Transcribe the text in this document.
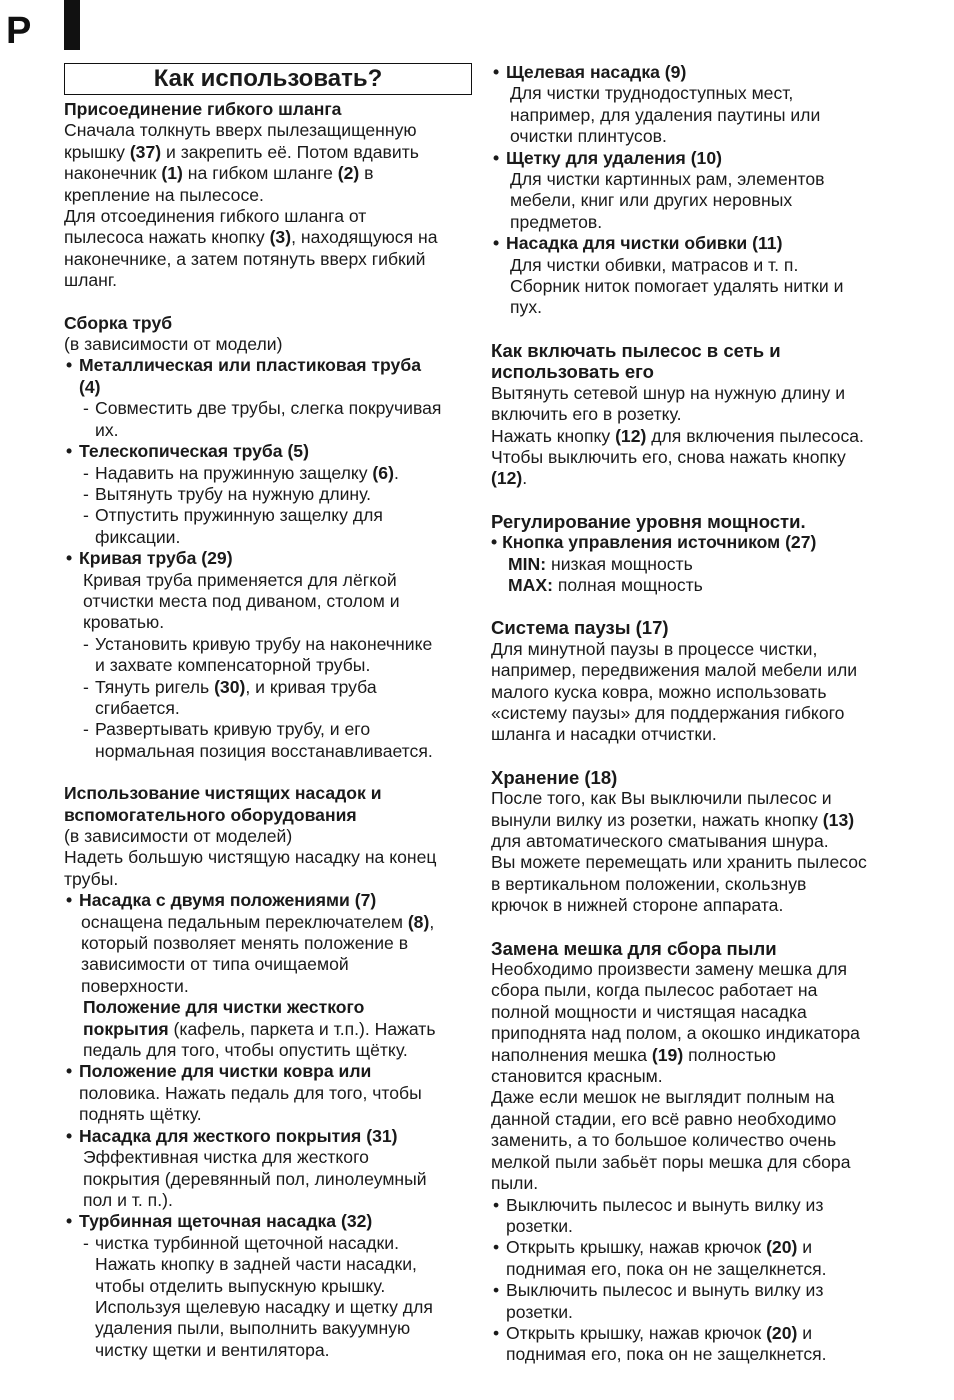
P
Как использовать?
Присоединение гибкого шланга
Сначала толкнуть вверх пылезащищенную
крышку (37) и закрепить её. Потом вдавить
наконечник (1) на гибком шланге (2) в
крепление на пылесосе.
Для отсоединения гибкого шланга от
пылесоса нажать кнопку (3), находящуюся на
наконечнике, а затем потянуть вверх гибкий
шланг.
Сборка труб
(в зависимости от модели)
• Металлическая или пластиковая труба
(4)
- Совместить две трубы, слегка покручивая
их.
• Телескопическая труба (5)
- Надавить на пружинную защелку (6).
- Вытянуть трубу на нужную длину.
- Отпустить пружинную защелку для
фиксации.
• Кривая труба (29)
Кривая труба применяется для лёгкой
отчистки места под диваном, столом и
кроватью.
- Установить кривую трубу на наконечнике
и захвате компенсаторной трубы.
- Тянуть ригель (30), и кривая труба
сгибается.
- Развертывать кривую трубу, и его
нормальная позиция восстанавливается.
Использование чистящих насадок и
вспомогательного оборудования
(в зависимости от моделей)
Надеть большую чистящую насадку на конец
трубы.
• Насадка с двумя положениями (7)
оснащена педальным переключателем (8),
который позволяет менять положение в
зависимости от типа очищаемой
поверхности.
Положение для чистки жесткого
покрытия (кафель, паркета и т.п.). Нажать
педаль для того, чтобы опустить щётку.
• Положение для чистки ковра или
половика. Нажать педаль для того, чтобы
поднять щётку.
• Насадка для жесткого покрытия (31)
Эффективная чистка для жесткого
покрытия (деревянный пол, линолеумный
пол и т. п.).
• Турбинная щеточная насадка (32)
- чистка турбинной щеточной насадки.
Нажать кнопку в задней части насадки,
чтобы отделить выпускную крышку.
Используя щелевую насадку и щетку для
удаления пыли, выполнить вакуумную
чистку щетки и вентилятора.
• Щелевая насадка (9)
Для чистки труднодоступных мест,
например, для удаления паутины или
очистки плинтусов.
• Щетку для удаления (10)
Для чистки картинных рам, элементов
мебели, книг или других неровных
предметов.
• Насадка для чистки обивки (11)
Для чистки обивки, матрасов и т. п.
Сборник ниток помогает удалять нитки и
пух.
Как включать пылесос в сеть и
использовать его
Вытянуть сетевой шнур на нужную длину и
включить его в розетку.
Нажать кнопку (12) для включения пылесоса.
Чтобы выключить его, снова нажать кнопку
(12).
Регулирование уровня мощности.
• Кнопка управления источником (27)
MIN: низкая мощность
MAX: полная мощность
Система паузы (17)
Для минутной паузы в процессе чистки,
например, передвижения малой мебели или
малого куска ковра, можно использовать
«систему паузы» для поддержания гибкого
шланга и насадки отчистки.
Хранение (18)
После того, как Вы выключили пылесос и
вынули вилку из розетки, нажать кнопку (13)
для автоматического сматывания шнура.
Вы можете перемещать или хранить пылесос
в вертикальном положении, скользнув
крючок в нижней стороне аппарата.
Замена мешка для сбора пыли
Необходимо произвести замену мешка для
сбора пыли, когда пылесос работает на
полной мощности и чистящая насадка
приподнята над полом, а окошко индикатора
наполнения мешка (19) полностью
становится красным.
Даже если мешок не выглядит полным на
данной стадии, его всё равно необходимо
заменить, а то большое количество очень
мелкой пыли забьёт поры мешка для сбора
пыли.
• Выключить пылесос и вынуть вилку из
розетки.
• Открыть крышку, нажав крючок (20) и
поднимая его, пока он не защелкнется.
• Выключить пылесос и вынуть вилку из
розетки.
• Открыть крышку, нажав крючок (20) и
поднимая его, пока он не защелкнется.
